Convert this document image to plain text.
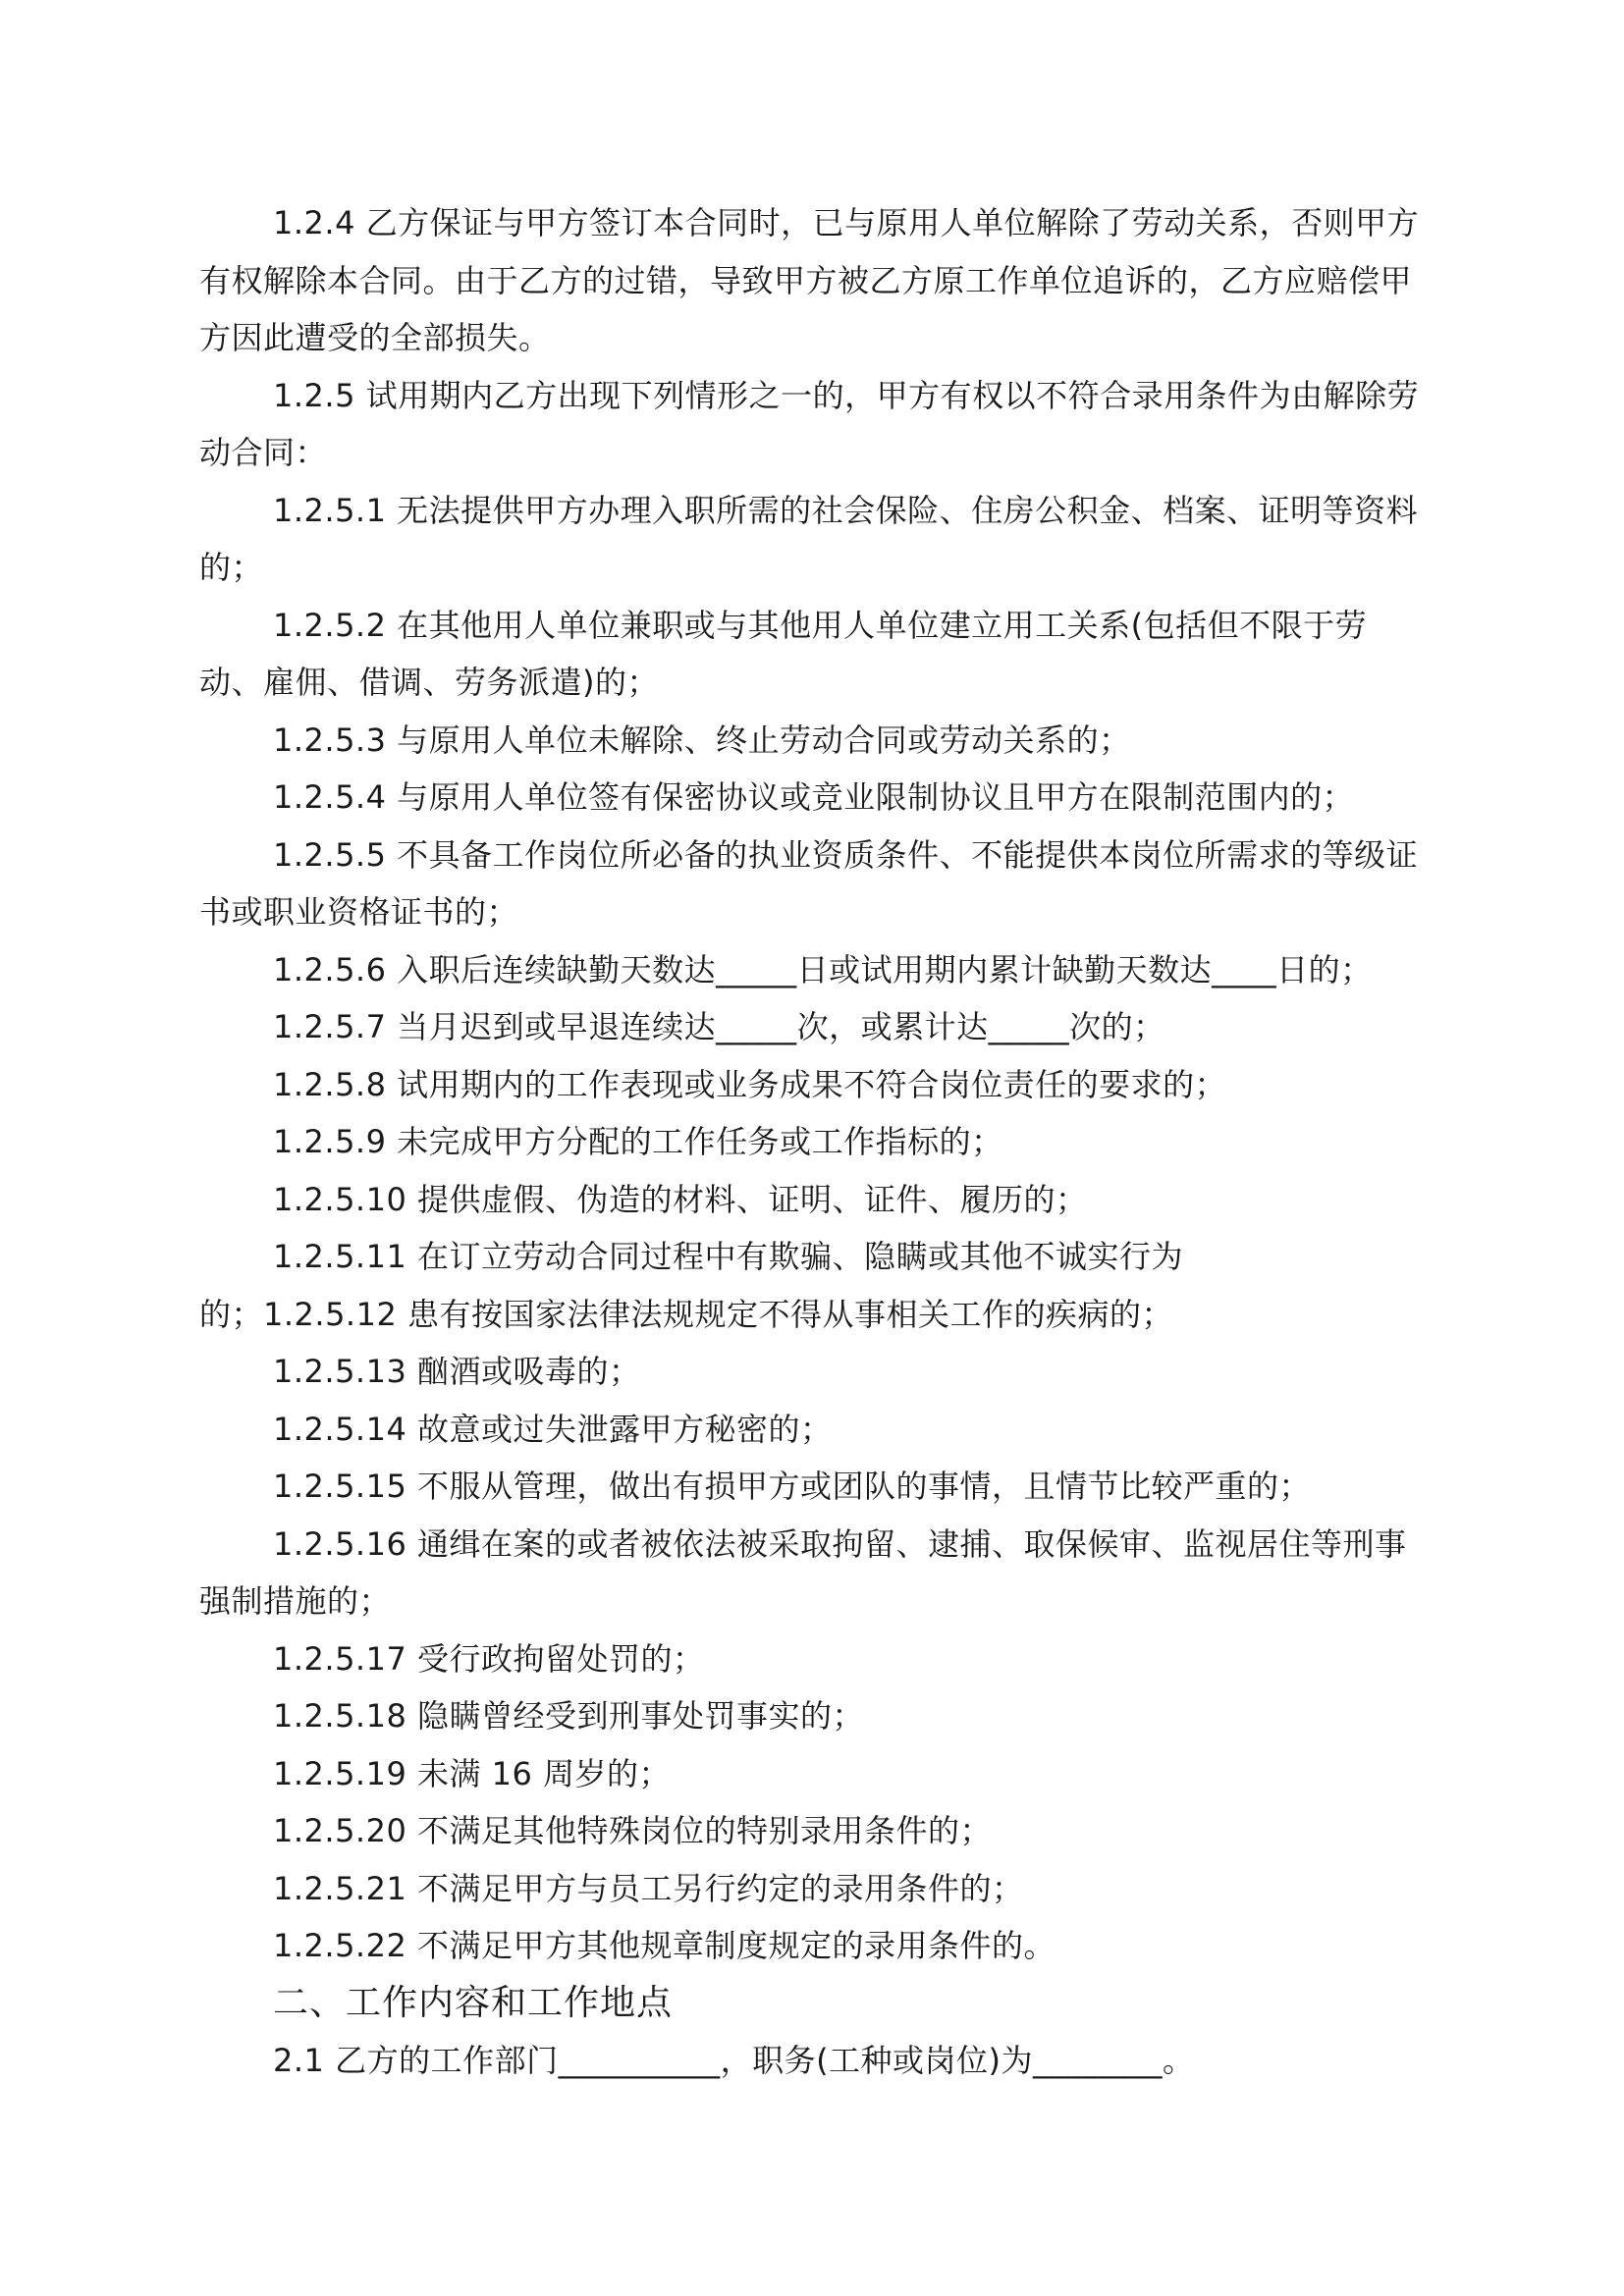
1.2.4 乙方保证与甲方签订本合同时，已与原用人单位解除了劳动关系，否则甲方有权解除本合同。由于乙方的过错，导致甲方被乙方原工作单位追诉的，乙方应赔偿甲方因此遭受的全部损失。

1.2.5 试用期内乙方出现下列情形之一的，甲方有权以不符合录用条件为由解除劳动合同：

1.2.5.1 无法提供甲方办理入职所需的社会保险、住房公积金、档案、证明等资料的；

1.2.5.2 在其他用人单位兼职或与其他用人单位建立用工关系(包括但不限于劳动、雇佣、借调、劳务派遣)的；

1.2.5.3 与原用人单位未解除、终止劳动合同或劳动关系的；

1.2.5.4 与原用人单位签有保密协议或竞业限制协议且甲方在限制范围内的；

1.2.5.5 不具备工作岗位所必备的执业资质条件、不能提供本岗位所需求的等级证书或职业资格证书的；

1.2.5.6 入职后连续缺勤天数达_____日或试用期内累计缺勤天数达____日的；

1.2.5.7 当月迟到或早退连续达_____次，或累计达_____次的；

1.2.5.8 试用期内的工作表现或业务成果不符合岗位责任的要求的；

1.2.5.9 未完成甲方分配的工作任务或工作指标的；

1.2.5.10 提供虚假、伪造的材料、证明、证件、履历的；

1.2.5.11 在订立劳动合同过程中有欺骗、隐瞒或其他不诚实行为

的；1.2.5.12 患有按国家法律法规规定不得从事相关工作的疾病的；

1.2.5.13 酗酒或吸毒的；

1.2.5.14 故意或过失泄露甲方秘密的；

1.2.5.15 不服从管理，做出有损甲方或团队的事情，且情节比较严重的；

1.2.5.16 通缉在案的或者被依法被采取拘留、逮捕、取保候审、监视居住等刑事强制措施的；

1.2.5.17 受行政拘留处罚的；

1.2.5.18 隐瞒曾经受到刑事处罚事实的；

1.2.5.19 未满 16 周岁的；

1.2.5.20 不满足其他特殊岗位的特别录用条件的；

1.2.5.21 不满足甲方与员工另行约定的录用条件的；

1.2.5.22 不满足甲方其他规章制度规定的录用条件的。

二、工作内容和工作地点

2.1 乙方的工作部门__________，职务(工种或岗位)为________。
